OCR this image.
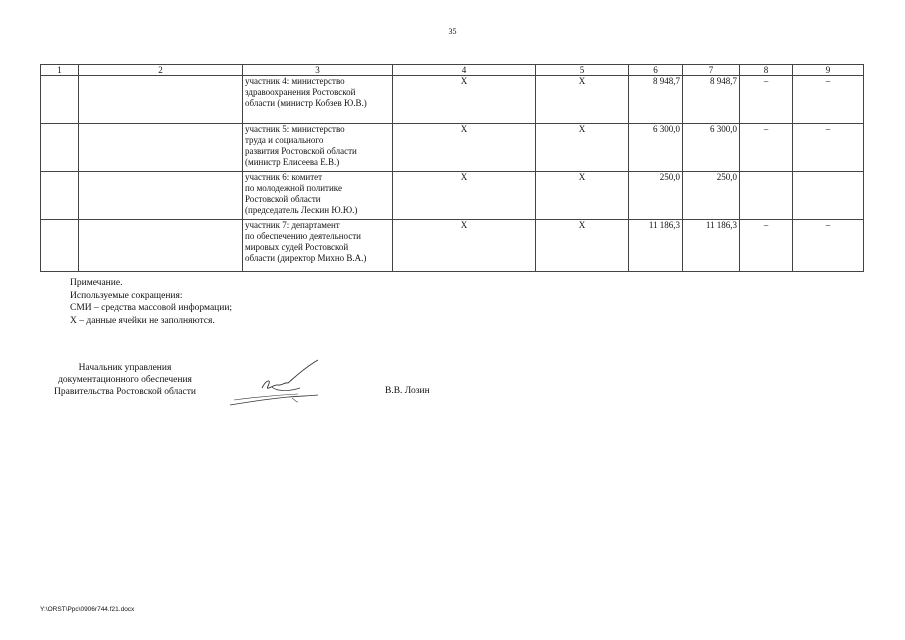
35
1	2	3	4	5	6	7	8	9

		участник 4: министерство
здравоохранения Ростовской
области (министр Кобзев Ю.В.)	Х	Х	8 948,7	8 948,7	–	–

		участник 5: министерство
труда и социального
развития Ростовской области
(министр Елисеева Е.В.)	Х	Х	6 300,0	6 300,0	–	–

		участник 6: комитет
по молодежной политике
Ростовской области
(председатель Лескин Ю.Ю.)	Х	Х	250,0	250,0		

		участник 7: департамент
по обеспечению деятельности
мировых судей Ростовской
области (директор Михно В.А.)	Х	Х	11 186,3	11 186,3	–	–
Примечание.
Используемые сокращения:
СМИ – средства массовой информации;
Х – данные ячейки не заполняются.
Начальник управления
документационного обеспечения
Правительства Ростовской области	В.В. Лозин
Y:\ORST\Ppc\0906r744.f21.docx
